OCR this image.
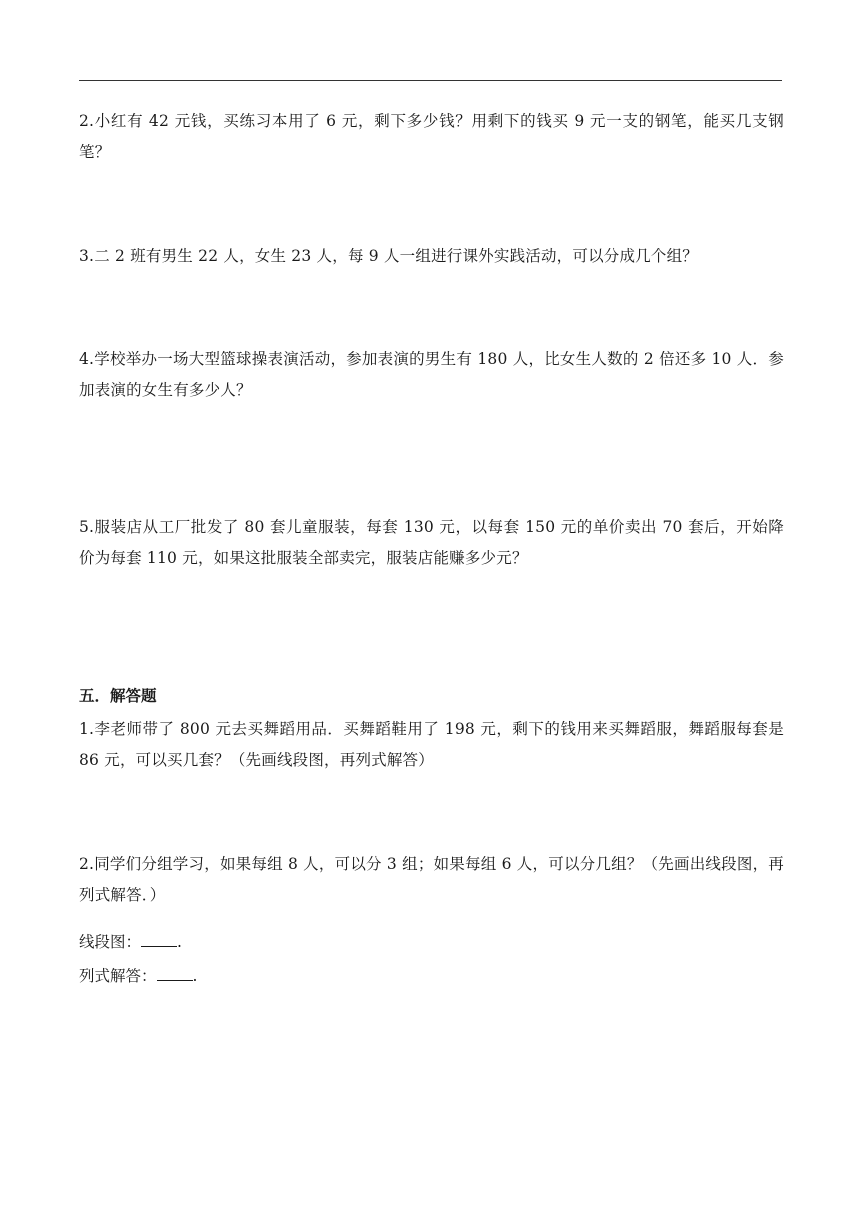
2.小红有 42 元钱，买练习本用了 6 元，剩下多少钱？用剩下的钱买 9 元一支的钢笔，能买几支钢笔？

3.二 2 班有男生 22 人，女生 23 人，每 9 人一组进行课外实践活动，可以分成几个组？

4.学校举办一场大型篮球操表演活动，参加表演的男生有 180 人，比女生人数的 2 倍还多 10 人．参加表演的女生有多少人？

5.服装店从工厂批发了 80 套儿童服装，每套 130 元，以每套 150 元的单价卖出 70 套后，开始降价为每套 110 元，如果这批服装全部卖完，服装店能赚多少元？

五．解答题

1.李老师带了 800 元去买舞蹈用品．买舞蹈鞋用了 198 元，剩下的钱用来买舞蹈服，舞蹈服每套是 86 元，可以买几套？（先画线段图，再列式解答）

2.同学们分组学习，如果每组 8 人，可以分 3 组；如果每组 6 人，可以分几组？（先画出线段图，再列式解答．）

线段图： .

列式解答： .
